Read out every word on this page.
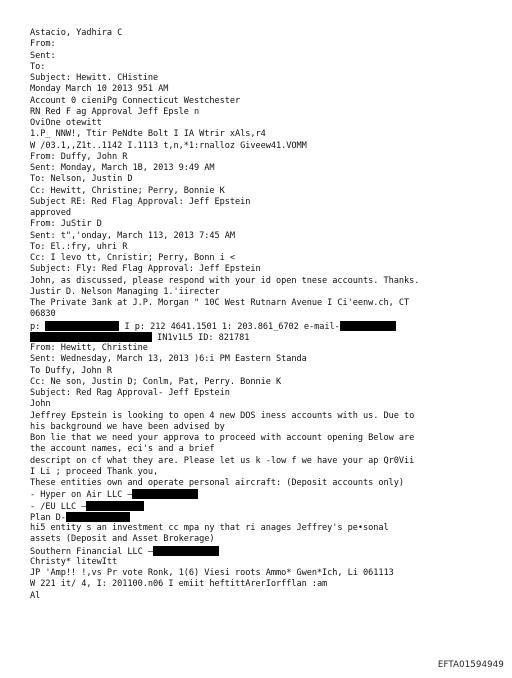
Astacio, Yadhira C
From:
Sent:
To:
Subject: Hewitt. CHistine
Monday March 10 2013 951 AM
Account 0 cieniPg Connecticut Westchester
RN Red F ag Approval Jeff Epsle n
OviOne otewitt
1.P_ NNW!, Ttir PeNdte Bolt I IA Wtrir xAls,r4
W /03.1,,Z1t..1142 I.1113 t,n,*1:rnalloz Giveew41.VOMM
From: Duffy, John R
Sent: Monday, March 1B, 2013 9:49 AM
To: Nelson, Justin D
Cc: Hewitt, Christine; Perry, Bonnie K
Subject RE: Red Flag Approval: Jeff Epstein
approved
From: JuStir D
Sent: t",'onday, March 113, 2013 7:45 AM
To: El.:fry, uhri R
Cc: I levo tt, Cnristir; Perry, Bonn i <
Subject: Fly: Red Flag Approval: Jeff Epstein
John, as discussed, please respond with your id open tnese accounts. Thanks.
Justir D. Nelson Managing 1.'iirecter
The Private 3ank at J.P. Morgan " 10C West Rutnarn Avenue I Ci'eenw.ch, CT
06830
p:	I p: 212 4641.1501 1: 203.861_6702 e-mail-
IN1v1L5 ID: 821781
From: Hewitt, Christine
Sent: Wednesday, March 13, 2013 )6:i PM Eastern Standa
To Duffy, John R
Cc: Ne son, Justin D; Conlm, Pat, Perry. Bonnie K
Subject: Red Rag Approval- Jeff Epstein
John
Jeffrey Epstein is looking to open 4 new DOS iness accounts with us. Due to
his background we have been advised by
Bon lie that we need your approva to proceed with account opening Below are
the account names, eci's and a brief
descript on cf what they are. Please let us k -low f we have your ap Qr0Vii
I Li ; proceed Thank you,
These entities own and operate personal aircraft: (Deposit accounts only)
- Hyper on Air LLC —
- /EU LLC —
Plan D-
hi5 entity s an investment cc mpa ny that ri anages Jeffrey's pe•sonal
assets (Deposit and Asset Brokerage)
Southern Financial LLC —
Christy* litewItt
JP 'Amp!! !,vs Pr vote Ronk, 1(6) Viesi roots Ammo* Gwen*Ich, Li 061113
W 221 it/ 4, I: 201100.n06 I emiit heftittArerIorfflan :am
Al
EFTA01594949
